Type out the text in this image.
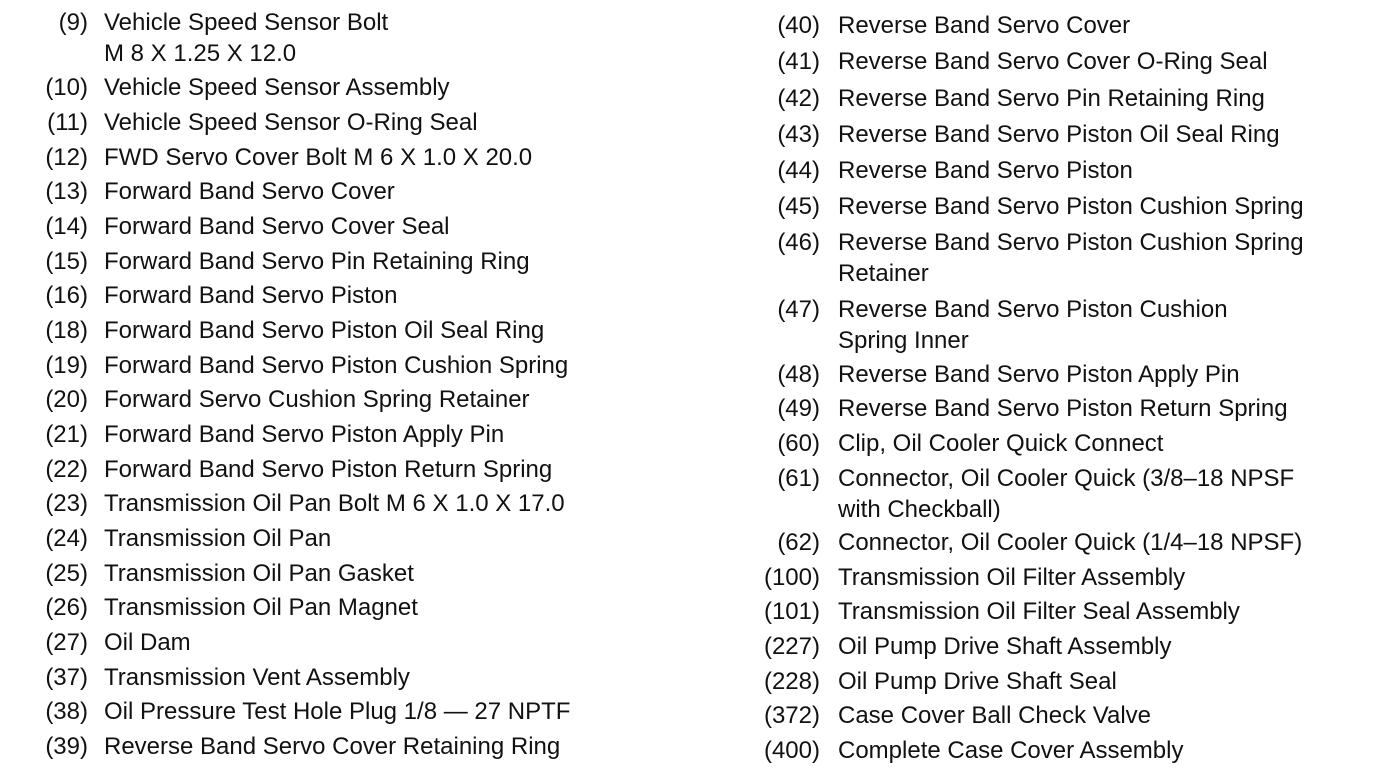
(9) Vehicle Speed Sensor Bolt
M 8 X 1.25 X 12.0
(10) Vehicle Speed Sensor Assembly
(11) Vehicle Speed Sensor O-Ring Seal
(12) FWD Servo Cover Bolt M 6 X 1.0 X 20.0
(13) Forward Band Servo Cover
(14) Forward Band Servo Cover Seal
(15) Forward Band Servo Pin Retaining Ring
(16) Forward Band Servo Piston
(18) Forward Band Servo Piston Oil Seal Ring
(19) Forward Band Servo Piston Cushion Spring
(20) Forward Servo Cushion Spring Retainer
(21) Forward Band Servo Piston Apply Pin
(22) Forward Band Servo Piston Return Spring
(23) Transmission Oil Pan Bolt M 6 X 1.0 X 17.0
(24) Transmission Oil Pan
(25) Transmission Oil Pan Gasket
(26) Transmission Oil Pan Magnet
(27) Oil Dam
(37) Transmission Vent Assembly
(38) Oil Pressure Test Hole Plug 1/8 — 27 NPTF
(39) Reverse Band Servo Cover Retaining Ring
(40) Reverse Band Servo Cover
(41) Reverse Band Servo Cover O-Ring Seal
(42) Reverse Band Servo Pin Retaining Ring
(43) Reverse Band Servo Piston Oil Seal Ring
(44) Reverse Band Servo Piston
(45) Reverse Band Servo Piston Cushion Spring
(46) Reverse Band Servo Piston Cushion Spring
Retainer
(47) Reverse Band Servo Piston Cushion
Spring Inner
(48) Reverse Band Servo Piston Apply Pin
(49) Reverse Band Servo Piston Return Spring
(60) Clip, Oil Cooler Quick Connect
(61) Connector, Oil Cooler Quick (3/8–18 NPSF
with Checkball)
(62) Connector, Oil Cooler Quick (1/4–18 NPSF)
(100) Transmission Oil Filter Assembly
(101) Transmission Oil Filter Seal Assembly
(227) Oil Pump Drive Shaft Assembly
(228) Oil Pump Drive Shaft Seal
(372) Case Cover Ball Check Valve
(400) Complete Case Cover Assembly
